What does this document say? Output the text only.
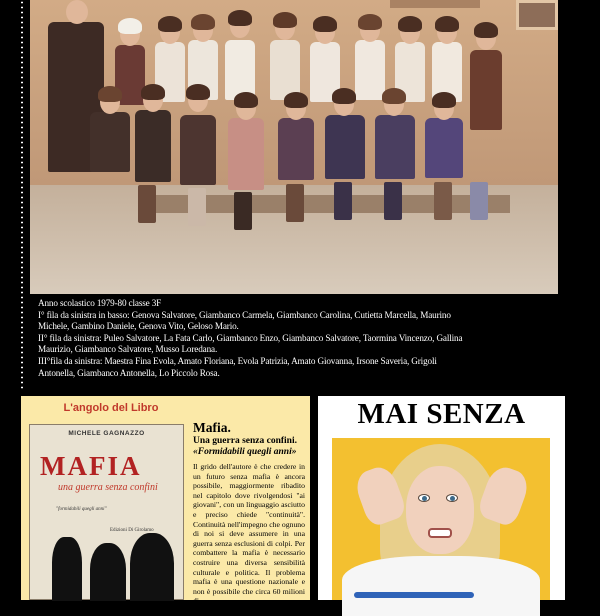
Anno scolastico 1979-80 classe 3F
I° fila da sinistra in basso: Genova Salvatore, Giambanco Carmela, Giambanco Carolina, Cutietta Marcella, Maurino
Michele, Gambino Daniele, Genova Vito, Geloso Mario.
II° fila da sinistra: Puleo Salvatore, La Fata Carlo, Giambanco Enzo, Giambanco Salvatore, Taormina Vincenzo, Gallina
Maurizio, Giambanco Salvatore, Musso Loredana.
III°fila da sinistra: Maestra Fina Evola, Amato Floriana, Evola Patrizia, Amato Giovanna, Irsone Saveria, Grigoli
Antonella, Giambanco Antonella, Lo Piccolo Rosa.
L'angolo del Libro
MICHELE GAGNAZZO
MAFIA
una guerra senza confini
"formidabili quegli anni"
Edizioni Di Girolamo
Mafia.
Una guerra senza confini.
«Formidabili quegli anni»
Il grido dell'autore è che credere in un futuro senza mafia è ancora possibile, maggiormente ribadito nel capitolo dove rivolgendosi "ai giovani", con un linguaggio asciutto e preciso chiede "continuità". Continuità nell'impegno che ognuno di noi si deve assumere in una guerra senza esclusioni di colpi. Per combattere la mafia è necessario costruire una diversa sensibilità culturale e politica. Il problema mafia è una questione nazionale e non è possibile che circa 60 milioni di
MAI SENZA
